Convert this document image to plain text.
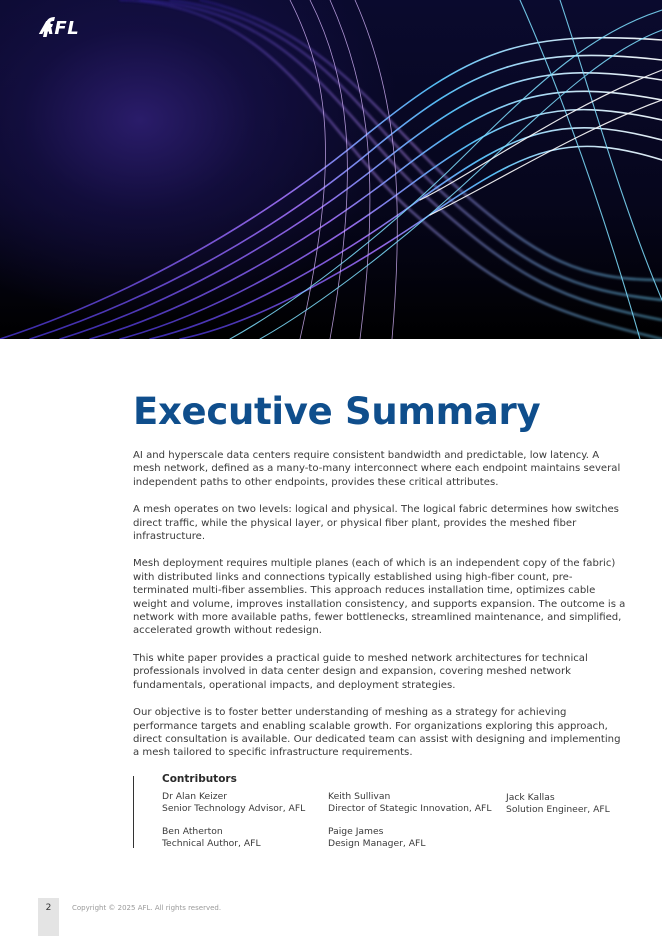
AFL
Executive Summary

AI and hyperscale data centers require consistent bandwidth and predictable, low latency. A mesh network, defined as a many-to-many interconnect where each endpoint maintains several independent paths to other endpoints, provides these critical attributes.

A mesh operates on two levels: logical and physical. The logical fabric determines how switches direct traffic, while the physical layer, or physical fiber plant, provides the meshed fiber infrastructure.

Mesh deployment requires multiple planes (each of which is an independent copy of the fabric) with distributed links and connections typically established using high-fiber count, pre-terminated multi-fiber assemblies. This approach reduces installation time, optimizes cable weight and volume, improves installation consistency, and supports expansion. The outcome is a network with more available paths, fewer bottlenecks, streamlined maintenance, and simplified, accelerated growth without redesign.

This white paper provides a practical guide to meshed network architectures for technical professionals involved in data center design and expansion, covering meshed network fundamentals, operational impacts, and deployment strategies.

Our objective is to foster better understanding of meshing as a strategy for achieving performance targets and enabling scalable growth. For organizations exploring this approach, direct consultation is available. Our dedicated team can assist with designing and implementing a mesh tailored to specific infrastructure requirements.

Contributors
Dr Alan Keizer
Senior Technology Advisor, AFL
Keith Sullivan
Director of Stategic Innovation, AFL
Jack Kallas
Solution Engineer, AFL
Ben Atherton
Technical Author, AFL
Paige James
Design Manager, AFL
2	Copyright © 2025 AFL. All rights reserved.
